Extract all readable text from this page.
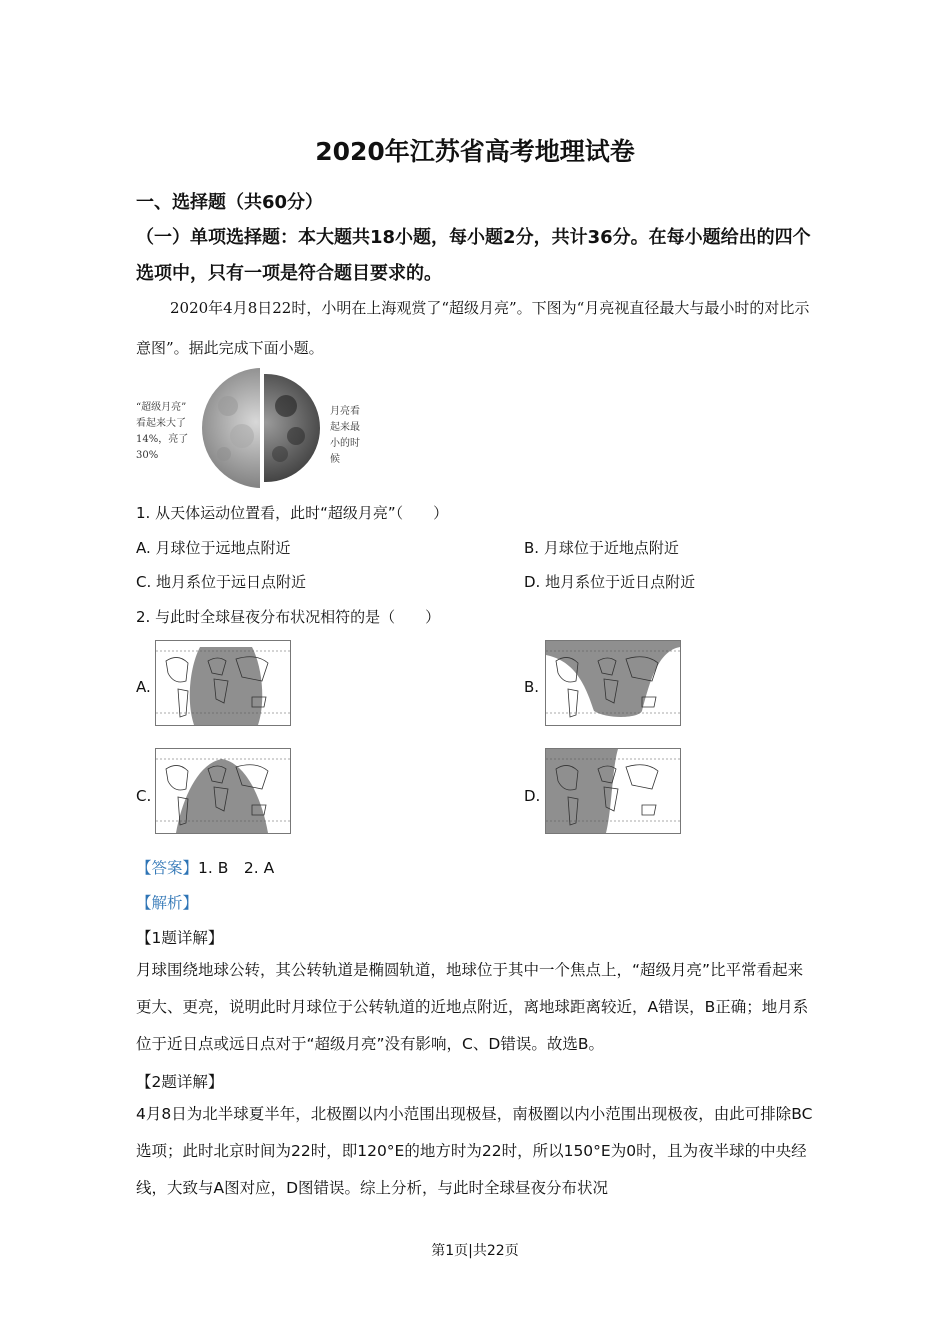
2020年江苏省高考地理试卷
一、选择题（共60分）
（一）单项选择题：本大题共18小题，每小题2分，共计36分。在每小题给出的四个选项中，只有一项是符合题目要求的。
2020年4月8日22时，小明在上海观赏了“超级月亮”。下图为“月亮视直径最大与最小时的对比示意图”。据此完成下面小题。
“超级月亮”
看起来大了
14%，亮了
30%
月亮看
起来最
小的时
候
1. 从天体运动位置看，此时“超级月亮”（　　）
A. 月球位于远地点附近	B. 月球位于近地点附近
C. 地月系位于远日点附近	D. 地月系位于近日点附近
2. 与此时全球昼夜分布状况相符的是（　　）
A.	B.
C.	D.
【答案】1. B　2. A
【解析】
【1题详解】
月球围绕地球公转，其公转轨道是椭圆轨道，地球位于其中一个焦点上，“超级月亮”比平常看起来更大、更亮，说明此时月球位于公转轨道的近地点附近，离地球距离较近，A错误，B正确；地月系位于近日点或远日点对于“超级月亮”没有影响，C、D错误。故选B。
【2题详解】
4月8日为北半球夏半年，北极圈以内小范围出现极昼，南极圈以内小范围出现极夜，由此可排除BC选项；此时北京时间为22时，即120°E的地方时为22时，所以150°E为0时，且为夜半球的中央经线，大致与A图对应，D图错误。综上分析，与此时全球昼夜分布状况
第1页|共22页
